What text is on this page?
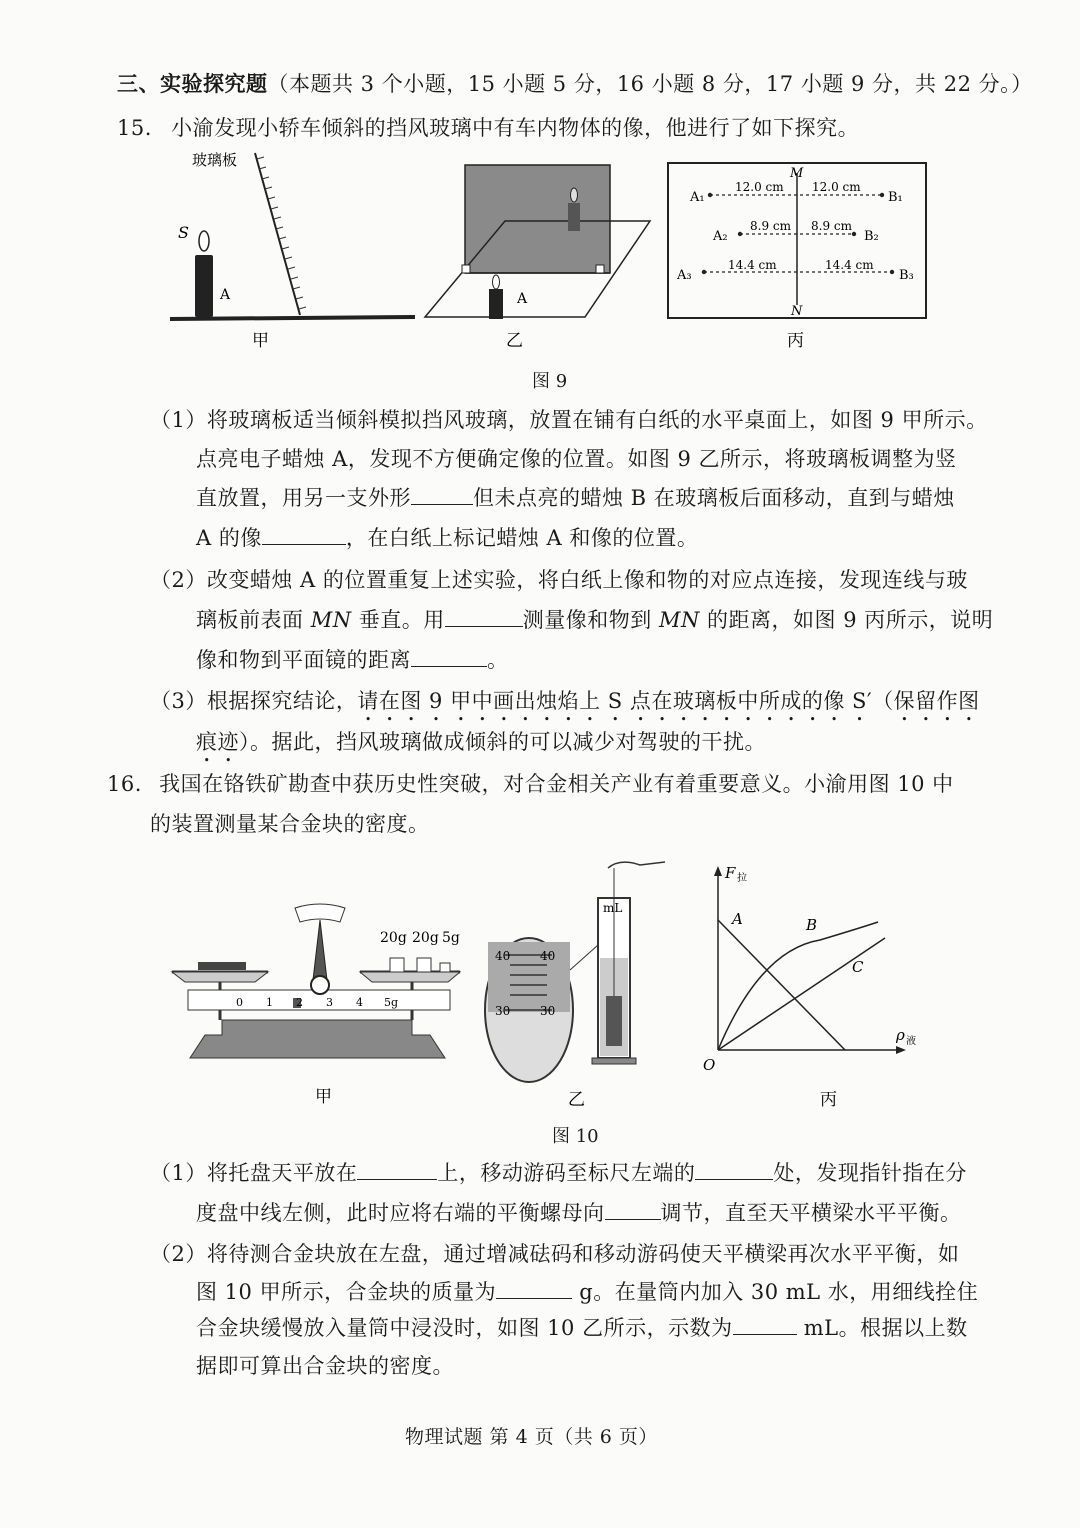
三、实验探究题（本题共 3 个小题，15 小题 5 分，16 小题 8 分，17 小题 9 分，共 22 分。）
15. 小渝发现小轿车倾斜的挡风玻璃中有车内物体的像，他进行了如下探究。
玻璃板
S
A
甲
A
乙
M
N
A₁	B₁
A₂	B₂
A₃	B₃
12.0 cm 12.0 cm
8.9 cm 8.9 cm
14.4 cm	14.4 cm
丙
图 9
（1）将玻璃板适当倾斜模拟挡风玻璃，放置在铺有白纸的水平桌面上，如图 9 甲所示。
点亮电子蜡烛 A，发现不方便确定像的位置。如图 9 乙所示，将玻璃板调整为竖
直放置，用另一支外形	但未点亮的蜡烛 B 在玻璃板后面移动，直到与蜡烛
A 的像	，在白纸上标记蜡烛 A 和像的位置。
（2）改变蜡烛 A 的位置重复上述实验，将白纸上像和物的对应点连接，发现连线与玻
璃板前表面 MN 垂直。用	测量像和物到 MN 的距离，如图 9 丙所示，说明
像和物到平面镜的距离	。
（3）根据探究结论，请在图 9 甲中画出烛焰上 S 点在玻璃板中所成的像 S′（保留作图
痕迹）。据此，挡风玻璃做成倾斜的可以减少对驾驶的干扰。
16. 我国在铬铁矿勘查中获历史性突破，对合金相关产业有着重要意义。小渝用图 10 中
的装置测量某合金块的密度。
20g 20g 5g
0 1 2 3 4 5g
甲
40 40
30 30
mL
乙
F 拉
ρ 液
O
A	B
C
丙
图 10
（1）将托盘天平放在	上，移动游码至标尺左端的	处，发现指针指在分
度盘中线左侧，此时应将右端的平衡螺母向	调节，直至天平横梁水平平衡。
（2）将待测合金块放在左盘，通过增减砝码和移动游码使天平横梁再次水平平衡，如
图 10 甲所示，合金块的质量为	g。在量筒内加入 30 mL 水，用细线拴住
合金块缓慢放入量筒中浸没时，如图 10 乙所示，示数为	mL。根据以上数
据即可算出合金块的密度。
物理试题 第 4 页（共 6 页）
